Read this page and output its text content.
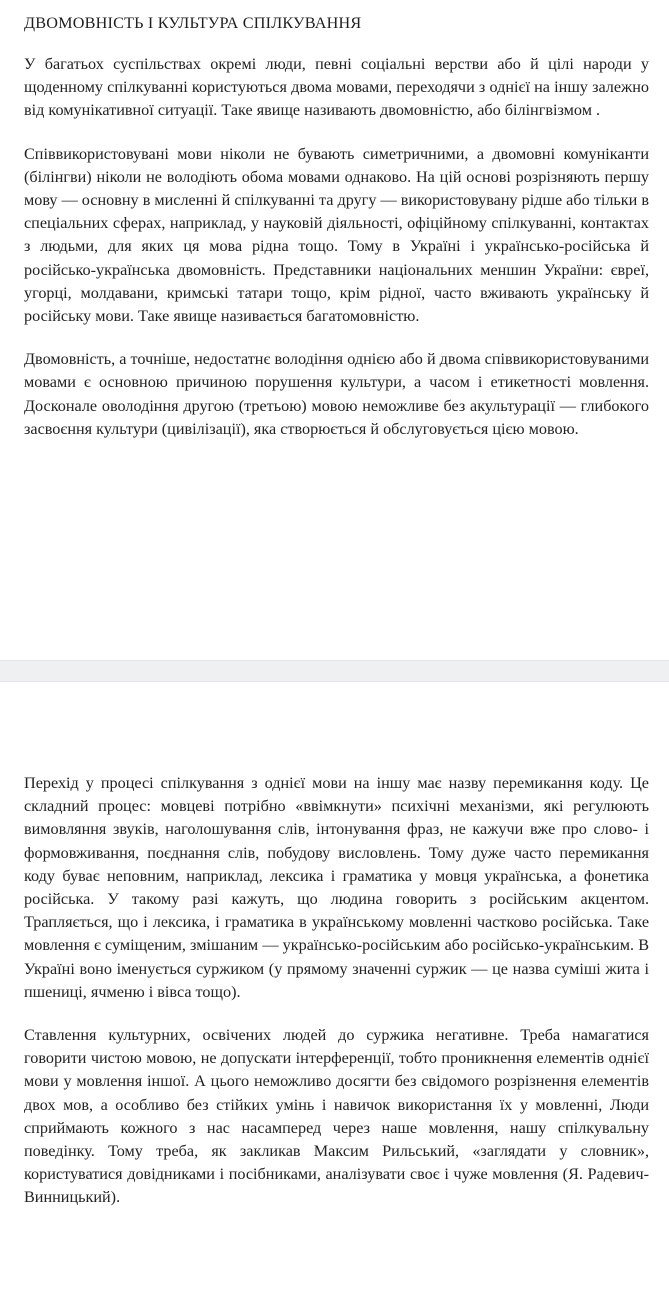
ДВОМОВНІСТЬ І КУЛЬТУРА СПІЛКУВАННЯ

У багатьох суспільствах окремі люди, певні соціальні верстви або й цілі народи у щоденному спілкуванні користуються двома мовами, переходячи з однієї на іншу залежно від комунікативної ситуації. Таке явище називають двомовністю, або білінгвізмом .

Співвикористовувані мови ніколи не бувають симетричними, а двомовні комуніканти (білінгви) ніколи не володіють обома мовами однаково. На цій основі розрізняють першу мову — основну в мисленні й спілкуванні та другу — використовувану рідше або тільки в спеціальних сферах, наприклад, у науковій діяльності, офіційному спілкуванні, контактах з людьми, для яких ця мова рідна тощо. Тому в Україні і українсько-російська й російсько-українська двомовність. Представники національних меншин України: євреї, угорці, молдавани, кримські татари тощо, крім рідної, часто вживають українську й російську мови. Таке явище називається багатомовністю.

Двомовність, а точніше, недостатнє володіння однією або й двома співвикористовуваними мовами є основною причиною порушення культури, а часом і етикетності мовлення. Досконале оволодіння другою (третьою) мовою неможливе без акультурації — глибокого засвоєння культури (цивілізації), яка створюється й обслуговується цією мовою.

Перехід у процесі спілкування з однієї мови на іншу має назву перемикання коду. Це складний процес: мовцеві потрібно «ввімкнути» психічні механізми, які регулюють вимовляння звуків, наголошування слів, інтонування фраз, не кажучи вже про слово- і формовживання, поєднання слів, побудову висловлень. Тому дуже часто перемикання коду буває неповним, наприклад, лексика і граматика у мовця українська, а фонетика російська. У такому разі кажуть, що людина говорить з російським акцентом. Трапляється, що і лексика, і граматика в українському мовленні частково російська. Таке мовлення є суміщеним, змішаним — українсько-російським або російсько-українським. В Україні воно іменується суржиком (у прямому значенні суржик — це назва суміші жита і пшениці, ячменю і вівса тощо).

Ставлення культурних, освічених людей до суржика негативне. Треба намагатися говорити чистою мовою, не допускати інтерференції, тобто проникнення елементів однієї мови у мовлення іншої. А цього неможливо досягти без свідомого розрізнення елементів двох мов, а особливо без стійких умінь і навичок використання їх у мовленні, Люди сприймають кожного з нас насамперед через наше мовлення, нашу спілкувальну поведінку. Тому треба, як закликав Максим Рильський, «заглядати у словник», користуватися довідниками і посібниками, аналізувати своє і чуже мовлення (Я. Радевич-Винницький).
